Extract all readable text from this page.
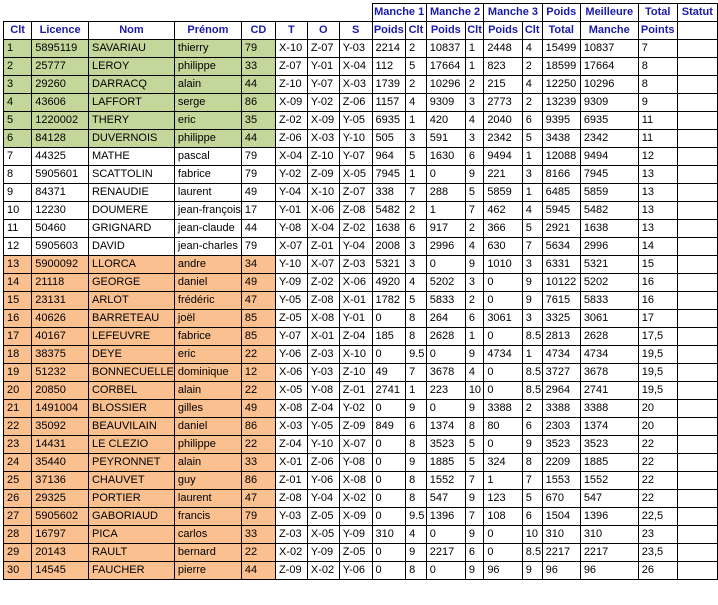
								Manche 1		Manche 2		Manche 3		Poids	Meilleure	Total	Statut
Clt	Licence	Nom	Prénom	CD	T	O	S	Poids	Clt	Poids	Clt	Poids	Clt	Total	Manche	Points	
1	5895119	SAVARIAU	thierry	79	X-10	Z-07	Y-03	2214	2	10837	1	2448	4	15499	10837	7	
2	25777	LEROY	philippe	33	Z-07	Y-01	X-04	112	5	17664	1	823	2	18599	17664	8	
3	29260	DARRACQ	alain	44	Z-10	Y-07	X-03	1739	2	10296	2	215	4	12250	10296	8	
4	43606	LAFFORT	serge	86	X-09	Y-02	Z-06	1157	4	9309	3	2773	2	13239	9309	9	
5	1220002	THERY	eric	35	Z-02	X-09	Y-05	6935	1	420	4	2040	6	9395	6935	11	
6	84128	DUVERNOIS	philippe	44	Z-06	X-03	Y-10	505	3	591	3	2342	5	3438	2342	11	
7	44325	MATHE	pascal	79	X-04	Z-10	Y-07	964	5	1630	6	9494	1	12088	9494	12	
8	5905601	SCATTOLIN	fabrice	79	Y-02	Z-09	X-05	7945	1	0	9	221	3	8166	7945	13	
9	84371	RENAUDIE	laurent	49	Y-04	X-10	Z-07	338	7	288	5	5859	1	6485	5859	13	
10	12230	DOUMERE	jean-françois	17	Y-01	X-06	Z-08	5482	2	1	7	462	4	5945	5482	13	
11	50460	GRIGNARD	jean-claude	44	Y-08	X-04	Z-02	1638	6	917	2	366	5	2921	1638	13	
12	5905603	DAVID	jean-charles	79	X-07	Z-01	Y-04	2008	3	2996	4	630	7	5634	2996	14	
13	5900092	LLORCA	andre	34	Y-10	X-07	Z-03	5321	3	0	9	1010	3	6331	5321	15	
14	21118	GEORGE	daniel	49	Y-09	Z-02	X-06	4920	4	5202	3	0	9	10122	5202	16	
15	23131	ARLOT	frédéric	47	Y-05	Z-08	X-01	1782	5	5833	2	0	9	7615	5833	16	
16	40626	BARRETEAU	joël	85	Z-05	X-08	Y-01	0	8	264	6	3061	3	3325	3061	17	
17	40167	LEFEUVRE	fabrice	85	Y-07	X-01	Z-04	185	8	2628	1	0	8.5	2813	2628	17,5	
18	38375	DEYE	eric	22	Y-06	Z-03	X-10	0	9.5	0	9	4734	1	4734	4734	19,5	
19	51232	BONNECUELLE	dominique	12	X-06	Y-03	Z-10	49	7	3678	4	0	8.5	3727	3678	19,5	
20	20850	CORBEL	alain	22	X-05	Y-08	Z-01	2741	1	223	10	0	8.5	2964	2741	19,5	
21	1491004	BLOSSIER	gilles	49	X-08	Z-04	Y-02	0	9	0	9	3388	2	3388	3388	20	
22	35092	BEAUVILAIN	daniel	86	X-03	Y-05	Z-09	849	6	1374	8	80	6	2303	1374	20	
23	14431	LE CLEZIO	philippe	22	Z-04	Y-10	X-07	0	8	3523	5	0	9	3523	3523	22	
24	35440	PEYRONNET	alain	33	X-01	Z-06	Y-08	0	9	1885	5	324	8	2209	1885	22	
25	37136	CHAUVET	guy	86	Z-01	Y-06	X-08	0	8	1552	7	1	7	1553	1552	22	
26	29325	PORTIER	laurent	47	Z-08	Y-04	X-02	0	8	547	9	123	5	670	547	22	
27	5905602	GABORIAUD	francis	79	Y-03	Z-05	X-09	0	9.5	1396	7	108	6	1504	1396	22,5	
28	16797	PICA	carlos	33	Z-03	X-05	Y-09	310	4	0	9	0	10	310	310	23	
29	20143	RAULT	bernard	22	X-02	Y-09	Z-05	0	9	2217	6	0	8.5	2217	2217	23,5	
30	14545	FAUCHER	pierre	44	Z-09	X-02	Y-06	0	8	0	9	96	9	96	96	26	
